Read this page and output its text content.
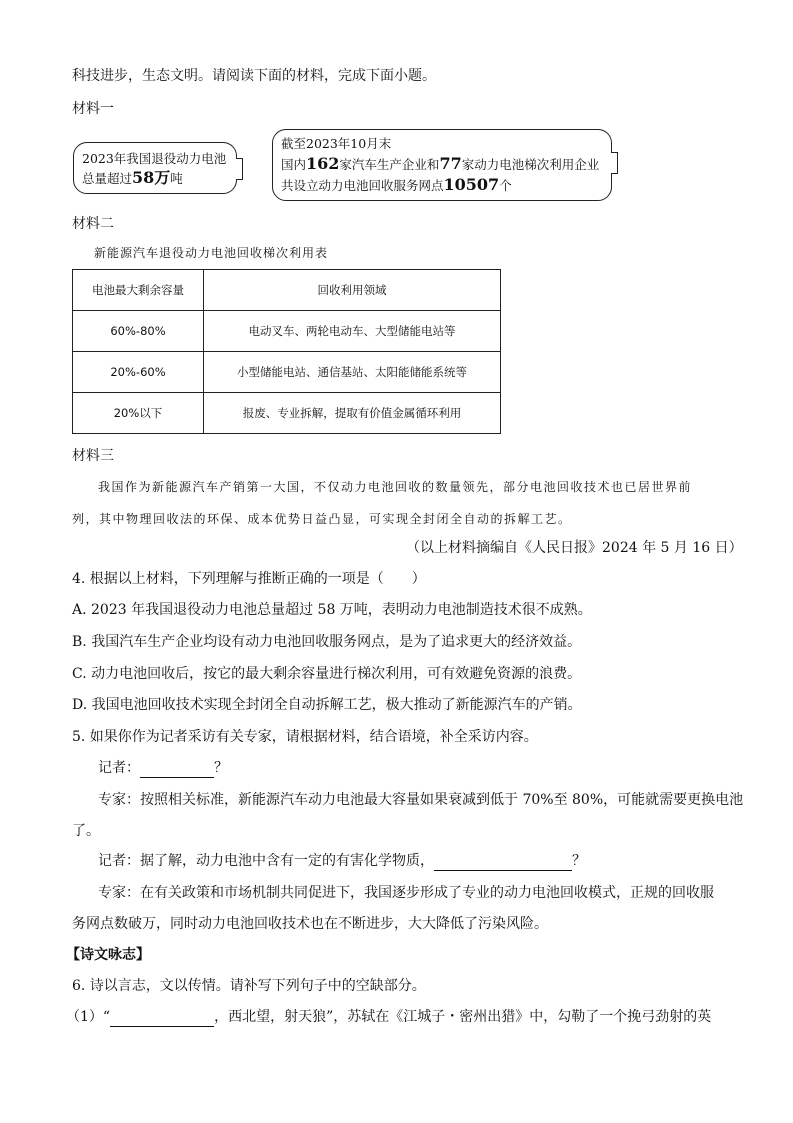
科技进步，生态文明。请阅读下面的材料，完成下面小题。
材料一
2023年我国退役动力电池
总量超过58万吨
截至2023年10月末
国内162家汽车生产企业和77家动力电池梯次利用企业
共设立动力电池回收服务网点10507个
材料二
新能源汽车退役动力电池回收梯次利用表
电池最大剩余容量	回收利用领域
60%-80%	电动叉车、两轮电动车、大型储能电站等
20%-60%	小型储能电站、通信基站、太阳能储能系统等
20%以下	报废、专业拆解，提取有价值金属循环利用
材料三
我国作为新能源汽车产销第一大国，不仅动力电池回收的数量领先，部分电池回收技术也已居世界前
列，其中物理回收法的环保、成本优势日益凸显，可实现全封闭全自动的拆解工艺。
（以上材料摘编自《人民日报》2024 年 5 月 16 日）
4. 根据以上材料，下列理解与推断正确的一项是（　　）
A. 2023 年我国退役动力电池总量超过 58 万吨，表明动力电池制造技术很不成熟。
B. 我国汽车生产企业均设有动力电池回收服务网点，是为了追求更大的经济效益。
C. 动力电池回收后，按它的最大剩余容量进行梯次利用，可有效避免资源的浪费。
D. 我国电池回收技术实现全封闭全自动拆解工艺，极大推动了新能源汽车的产销。
5. 如果你作为记者采访有关专家，请根据材料，结合语境，补全采访内容。
记者：	？
专家：按照相关标准，新能源汽车动力电池最大容量如果衰减到低于 70%至 80%，可能就需要更换电池
了。
记者：据了解，动力电池中含有一定的有害化学物质，	？
专家：在有关政策和市场机制共同促进下，我国逐步形成了专业的动力电池回收模式，正规的回收服
务网点数破万，同时动力电池回收技术也在不断进步，大大降低了污染风险。
【诗文咏志】
6. 诗以言志，文以传情。请补写下列句子中的空缺部分。
（1）“	，西北望，射天狼”，苏轼在《江城子・密州出猎》中，勾勒了一个挽弓劲射的英
